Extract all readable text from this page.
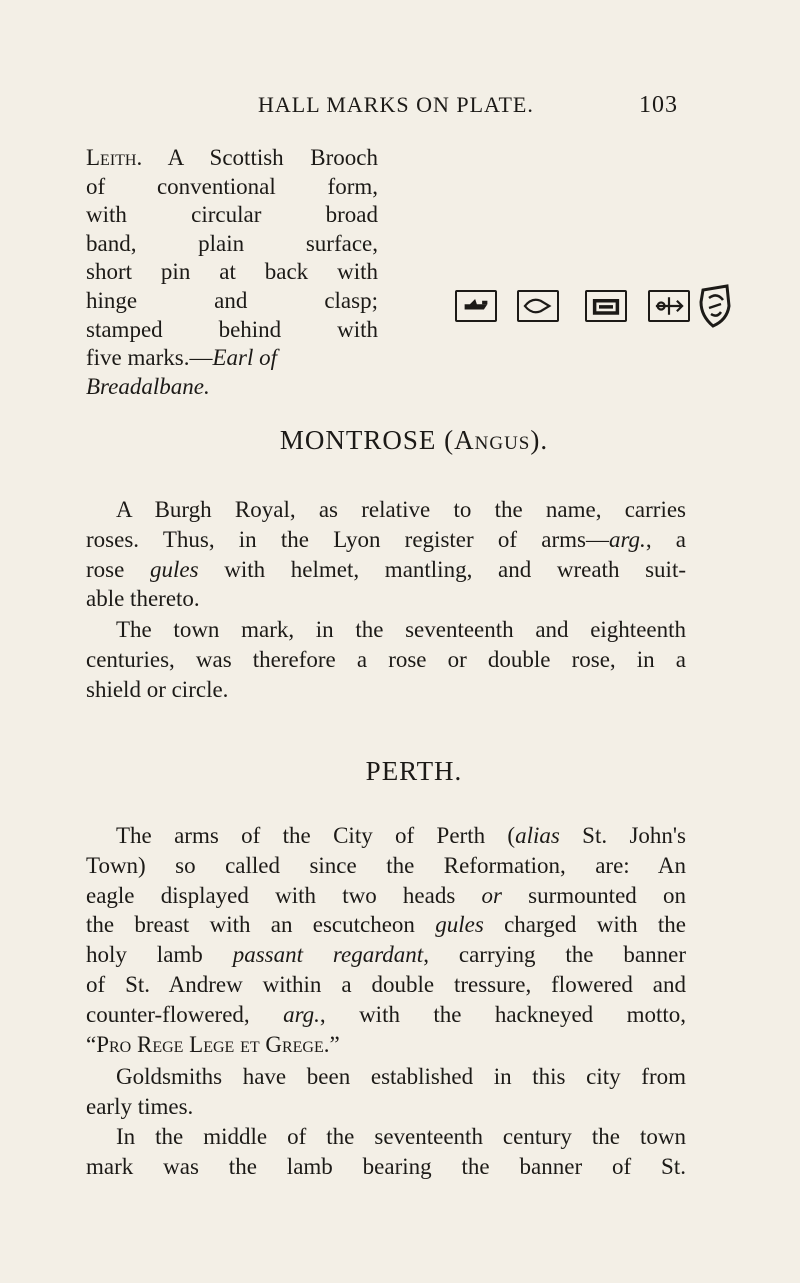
HALL MARKS ON PLATE.	103
Leith. A Scottish Brooch
of conventional form,
with circular broad
band, plain surface,
short pin at back with
hinge and clasp;
stamped behind with
five marks.—Earl of
Breadalbane.
MONTROSE (Angus).
A Burgh Royal, as relative to the name, carries
roses. Thus, in the Lyon register of arms—arg., a
rose gules with helmet, mantling, and wreath suit-
able thereto.
The town mark, in the seventeenth and eighteenth
centuries, was therefore a rose or double rose, in a
shield or circle.
PERTH.
The arms of the City of Perth (alias St. John's
Town) so called since the Reformation, are: An
eagle displayed with two heads or surmounted on
the breast with an escutcheon gules charged with the
holy lamb passant regardant, carrying the banner
of St. Andrew within a double tressure, flowered and
counter-flowered, arg., with the hackneyed motto,
“Pro Rege Lege et Grege.”
Goldsmiths have been established in this city from
early times.
In the middle of the seventeenth century the town
mark was the lamb bearing the banner of St.
